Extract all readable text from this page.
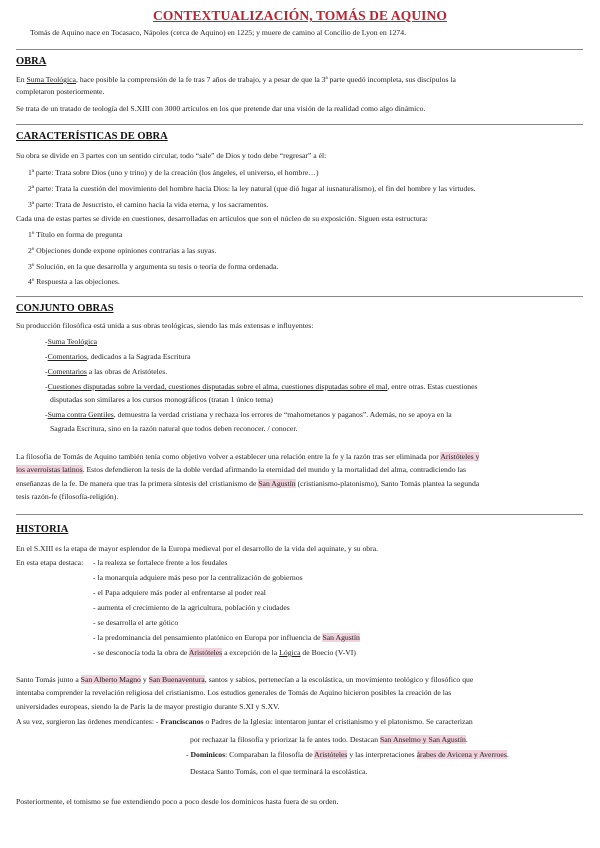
CONTEXTUALIZACIÓN, TOMÁS DE AQUINO
Tomás de Aquino nace en Tocasaco, Nápoles (cerca de Aquino) en 1225; y muere de camino al Concilio de Lyon en 1274.
OBRA
En Suma Teológica, hace posible la comprensión de la fe tras 7 años de trabajo, y a pesar de que la 3ª parte quedó incompleta, sus discípulos la
completaron posteriormente.
Se trata de un tratado de teología del S.XIII con 3000 artículos en los que pretende dar una visión de la realidad como algo dinámico.
CARACTERÍSTICAS DE OBRA
Su obra se divide en 3 partes con un sentido circular, todo “sale” de Dios y todo debe “regresar” a él:
1ª parte: Trata sobre Dios (uno y trino) y de la creación (los ángeles, el universo, el hombre…)
2ª parte: Trata la cuestión del movimiento del hombre hacia Dios: la ley natural (que dió lugar al iusnaturalismo), el fin del hombre y las virtudes.
3ª parte: Trata de Jesucristo, el camino hacia la vida eterna, y los sacramentos.
Cada una de estas partes se divide en cuestiones, desarrolladas en artículos que son el núcleo de su exposición. Siguen esta estructura:
1º Título en forma de pregunta
2º Objeciones donde expone opiniones contrarias a las suyas.
3º Solución, en la que desarrolla y argumenta su tesis o teoría de forma ordenada.
4º Respuesta a las objeciones.
CONJUNTO OBRAS
Su producción filosófica está unida a sus obras teológicas, siendo las más extensas e influyentes:
-Suma Teológica
-Comentarios, dedicados a la Sagrada Escritura
-Comentarios a las obras de Aristóteles.
-Cuestiones disputadas sobre la verdad, cuestiones disputadas sobre el alma, cuestiones disputadas sobre el mal, entre otras. Estas cuestiones
disputadas son similares a los cursos monográficos (tratan 1 único tema)
-Suma contra Gentiles, demuestra la verdad cristiana y rechaza los errores de “mahometanos y paganos”. Además, no se apoya en la
Sagrada Escritura, sino en la razón natural que todos deben reconocer. / conocer.
La filosofía de Tomás de Aquino también tenía como objetivo volver a establecer una relación entre la fe y la razón tras ser eliminada por Aristóteles y
los averroístas latinos. Estos defendieron la tesis de la doble verdad afirmando la eternidad del mundo y la mortalidad del alma, contradiciendo las
enseñanzas de la fe. De manera que tras la primera síntesis del cristianismo de San Agustín (cristianismo-platonismo), Santo Tomás plantea la segunda
tesis razón-fe (filosofía-religión).
HISTORIA
En el S.XIII es la etapa de mayor esplendor de la Europa medieval por el desarrollo de la vida del aquinate, y su obra.
En esta etapa destaca: - la realeza se fortalece frente a los feudales
- la monarquía adquiere más peso por la centralización de gobiernos
- el Papa adquiere más poder al enfrentarse al poder real
- aumenta el crecimiento de la agricultura, población y ciudades
- se desarrolla el arte gótico
- la predominancia del pensamiento platónico en Europa por influencia de San Agustín
- se desconocía toda la obra de Aristóteles a excepción de la Lógica de Boecio (V-VI)
Santo Tomás junto a San Alberto Magno y San Buenaventura, santos y sabios, pertenecían a la escolástica, un movimiento teológico y filosófico que
intentaba comprender la revelación religiosa del cristianismo. Los estudios generales de Tomás de Aquino hicieron posibles la creación de las
universidades europeas, siendo la de París la de mayor prestigio durante S.XI y S.XV.
A su vez, surgieron las órdenes mendicantes: - Franciscanos o Padres de la Iglesia: intentaron juntar el cristianismo y el platonismo. Se caracterizan
por rechazar la filosofía y priorizar la fe antes todo. Destacan San Anselmo y San Agustín.
- Dominicos: Comparaban la filosofía de Aristóteles y las interpretaciones árabes de Avicena y Averroes.
Destaca Santo Tomás, con el que terminará la escolástica.
Posteriormente, el tomismo se fue extendiendo poco a poco desde los dominicos hasta fuera de su orden.
